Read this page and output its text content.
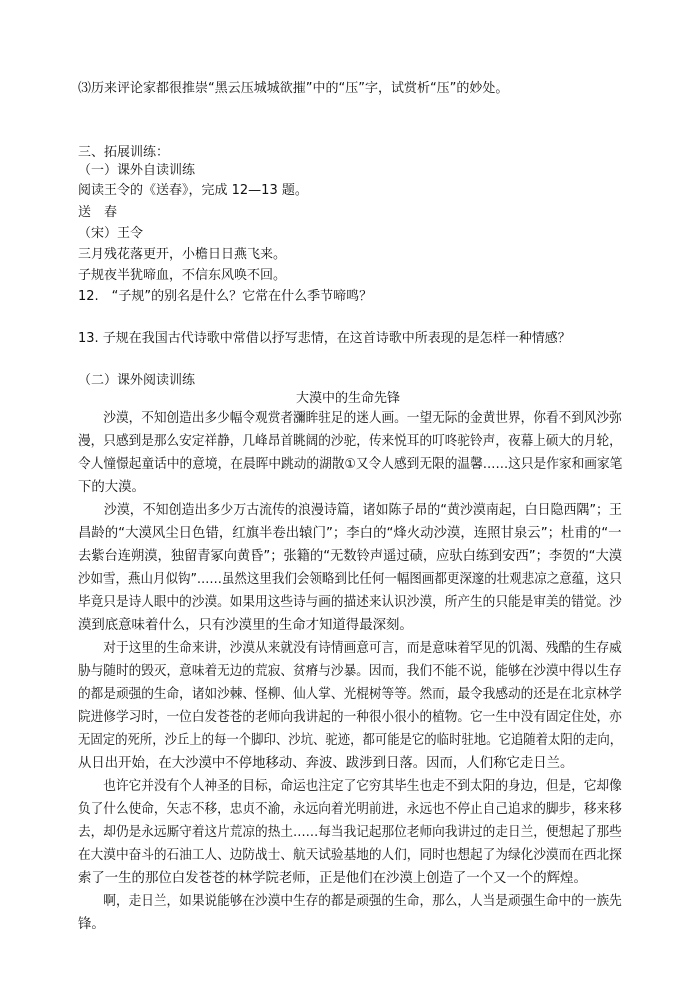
⑶历来评论家都很推崇“黑云压城城欲摧”中的“压”字，试赏析“压”的妙处。
三、拓展训练：
（一）课外自读训练
阅读王令的《送春》，完成 12—13 题。
送　春
（宋）王令
三月残花落更开，小檐日日燕飞来。
子规夜半犹啼血，不信东风唤不回。
12.　“子规”的别名是什么？它常在什么季节啼鸣？
13. 子规在我国古代诗歌中常借以抒写悲情，在这首诗歌中所表现的是怎样一种情感？
（二）课外阅读训练
大漠中的生命先锋
　　沙漠，不知创造出多少幅令观赏者瀰眸驻足的迷人画。一望无际的金黄世界，你看不到风沙弥
漫，只感到是那么安定祥静，几峰昂首眺阔的沙驼，传来悦耳的叮咚驼铃声，夜幕上硕大的月轮，
令人憧憬起童话中的意境，在晨晖中跳动的湖散①又令人感到无限的温馨……这只是作家和画家笔
下的大漠。
　　沙漠，不知创造出多少万古流传的浪漫诗篇，诸如陈子昂的“黄沙漠南起，白日隐西隅”；王
昌龄的“大漠风尘日色错，红旗半卷出辕门”；李白的“烽火动沙漠，连照甘泉云”；杜甫的“一
去紫台连朔漠，独留青冢向黄昏”；张籍的“无数铃声遥过碛，应驮白练到安西”；李贺的“大漠
沙如雪，燕山月似钩”……虽然这里我们会领略到比任何一幅图画都更深邃的壮观悲凉之意蕴，这只
毕竟只是诗人眼中的沙漠。如果用这些诗与画的描述来认识沙漠，所产生的只能是审美的错觉。沙
漠到底意味着什么，只有沙漠里的生命才知道得最深刻。
　　对于这里的生命来讲，沙漠从来就没有诗情画意可言，而是意味着罕见的饥渴、残酷的生存威
胁与随时的毁灭，意味着无边的荒寂、贫瘠与沙暴。因而，我们不能不说，能够在沙漠中得以生存
的都是顽强的生命，诸如沙棘、怪柳、仙人掌、光棍树等等。然而，最令我感动的还是在北京林学
院进修学习时，一位白发苍苍的老师向我讲起的一种很小很小的植物。它一生中没有固定住处，亦
无固定的死所，沙丘上的每一个脚印、沙坑、驼迹，都可能是它的临时驻地。它追随着太阳的走向，
从日出开始，在大沙漠中不停地移动、奔波、跋涉到日落。因而，人们称它走日兰。
　　也许它并没有个人神圣的目标，命运也注定了它穷其毕生也走不到太阳的身边，但是，它却像
负了什么使命，矢志不移，忠贞不渝，永远向着光明前进，永远也不停止自己追求的脚步，移来移
去，却仍是永远厮守着这片荒凉的热土……每当我记起那位老师向我讲过的走日兰，便想起了那些
在大漠中奋斗的石油工人、边防战士、航天试验基地的人们，同时也想起了为绿化沙漠而在西北探
索了一生的那位白发苍苍的林学院老师，正是他们在沙漠上创造了一个又一个的辉煌。
　　啊，走日兰，如果说能够在沙漠中生存的都是顽强的生命，那么，人当是顽强生命中的一族先
锋。
